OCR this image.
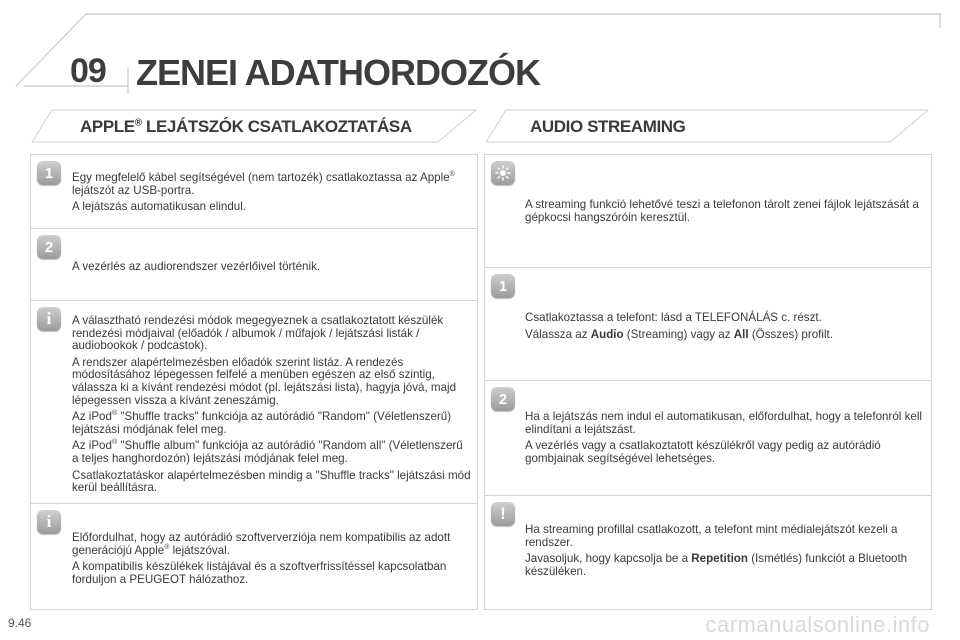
09 ZENEI ADATHORDOZÓK
APPLE® LEJÁTSZÓK CSATLAKOZTATÁSA	AUDIO STREAMING
1	Egy megfelelő kábel segítségével (nem tartozék) csatlakoztassa az Apple® lejátszót az USB-portra.

A lejátszás automatikusan elindul.

2

A vezérlés az audiorendszer vezérlőivel történik.

i	A választható rendezési módok megegyeznek a csatlakoztatott készülék rendezési módjaival (előadók / albumok / műfajok / lejátszási listák / audiobookok / podcastok).

A rendszer alapértelmezésben előadók szerint listáz. A rendezés módosításához lépegessen felfelé a menüben egészen az első szintig, válassza ki a kívánt rendezési módot (pl. lejátszási lista), hagyja jóvá, majd lépegessen vissza a kívánt zeneszámig.

Az iPod® "Shuffle tracks" funkciója az autórádió "Random" (Véletlenszerű) lejátszási módjának felel meg.

Az iPod® "Shuffle album" funkciója az autórádió "Random all" (Véletlenszerű a teljes hanghordozón) lejátszási módjának felel meg.

Csatlakoztatáskor alapértelmezésben mindig a "Shuffle tracks" lejátszási mód kerül beállításra.

i

Előfordulhat, hogy az autórádió szoftververziója nem kompatibilis az adott generációjú Apple® lejátszóval.

A kompatibilis készülékek listájával és a szoftverfrissítéssel kapcsolatban forduljon a PEUGEOT hálózathoz.

A streaming funkció lehetővé teszi a telefonon tárolt zenei fájlok lejátszását a gépkocsi hangszóróin keresztül.

1

Csatlakoztassa a telefont: lásd a TELEFONÁLÁS c. részt.

Válassza az Audio (Streaming) vagy az All (Összes) profilt.

2

Ha a lejátszás nem indul el automatikusan, előfordulhat, hogy a telefonról kell elindítani a lejátszást.

A vezérlés vagy a csatlakoztatott készülékről vagy pedig az autórádió gombjainak segítségével lehetséges.

!

Ha streaming profillal csatlakozott, a telefont mint médialejátszót kezeli a rendszer.

Javasoljuk, hogy kapcsolja be a Repetition (Ismétlés) funkciót a Bluetooth készüléken.

9.46	carmanualsonline.info
